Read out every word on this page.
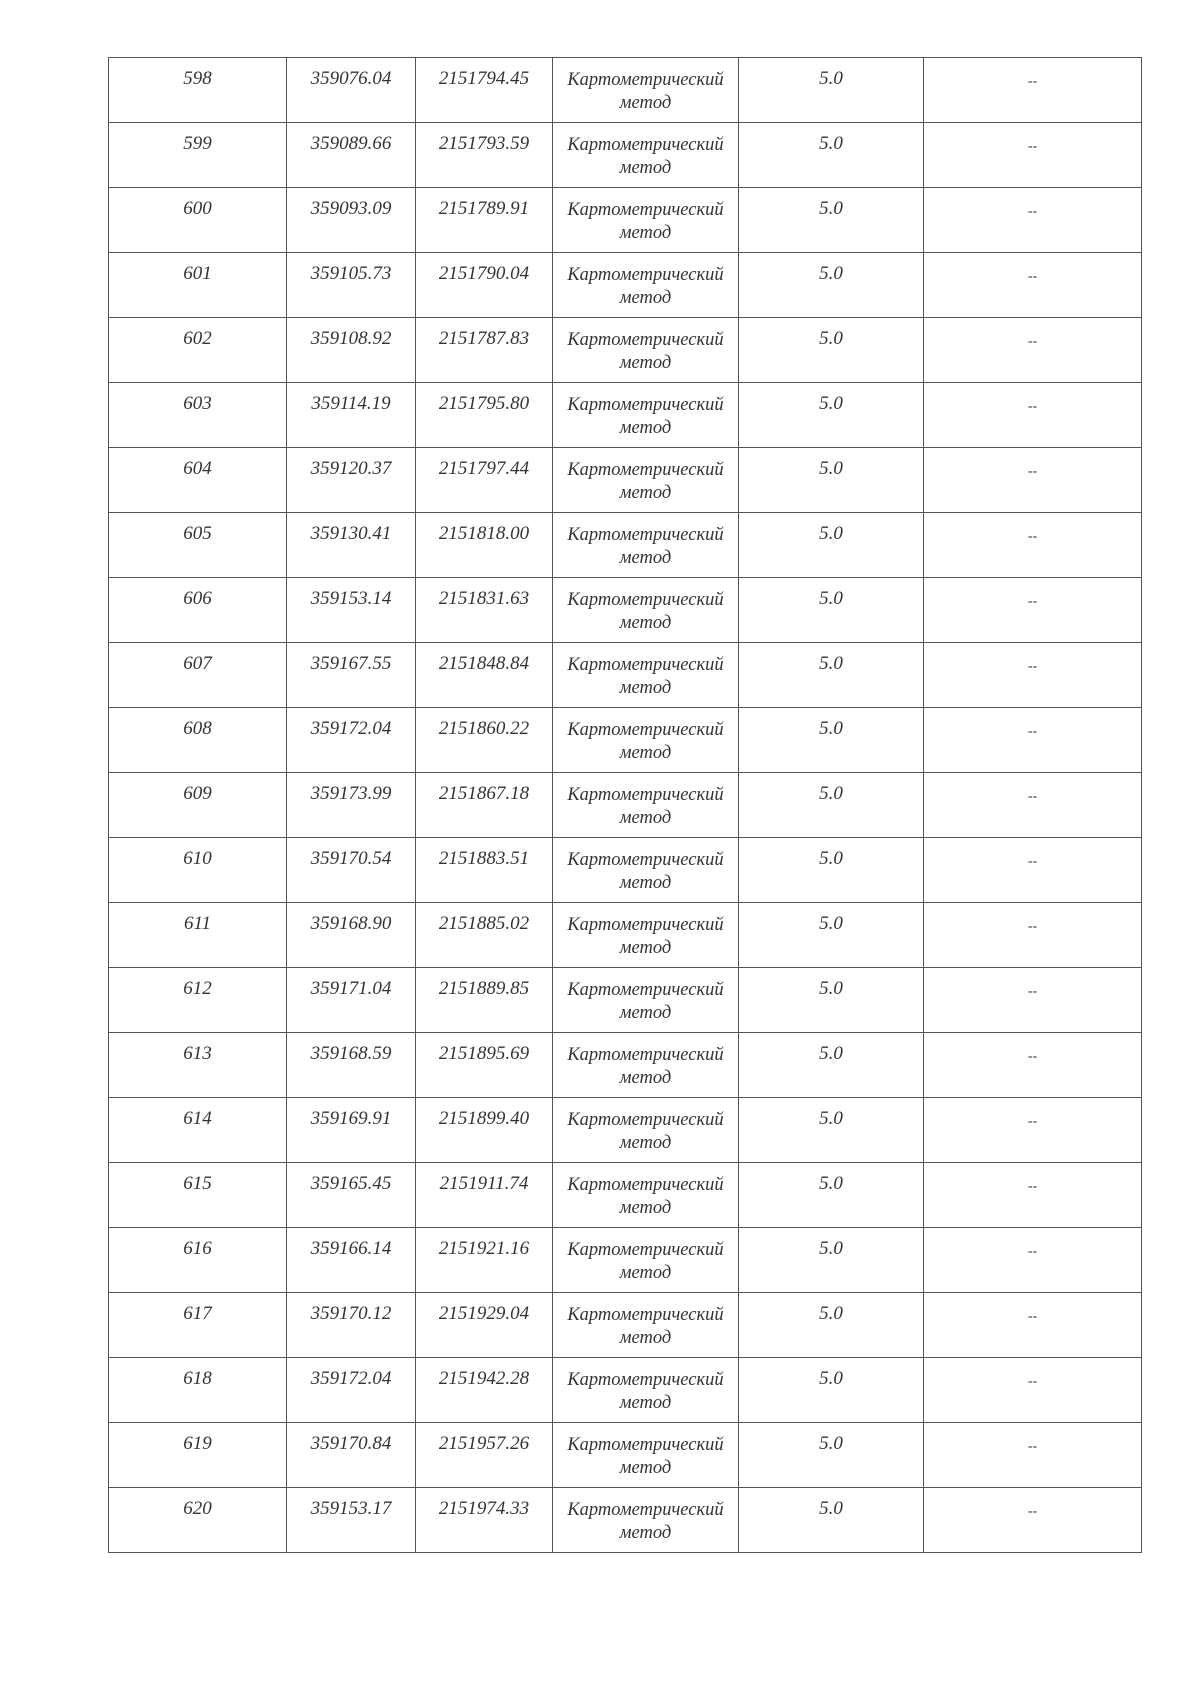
598	359076.04	2151794.45	Картометрический метод	5.0	--

599	359089.66	2151793.59	Картометрический метод	5.0	--

600	359093.09	2151789.91	Картометрический метод	5.0	--

601	359105.73	2151790.04	Картометрический метод	5.0	--

602	359108.92	2151787.83	Картометрический метод	5.0	--

603	359114.19	2151795.80	Картометрический метод	5.0	--

604	359120.37	2151797.44	Картометрический метод	5.0	--

605	359130.41	2151818.00	Картометрический метод	5.0	--

606	359153.14	2151831.63	Картометрический метод	5.0	--

607	359167.55	2151848.84	Картометрический метод	5.0	--

608	359172.04	2151860.22	Картометрический метод	5.0	--

609	359173.99	2151867.18	Картометрический метод	5.0	--

610	359170.54	2151883.51	Картометрический метод	5.0	--

611	359168.90	2151885.02	Картометрический метод	5.0	--

612	359171.04	2151889.85	Картометрический метод	5.0	--

613	359168.59	2151895.69	Картометрический метод	5.0	--

614	359169.91	2151899.40	Картометрический метод	5.0	--

615	359165.45	2151911.74	Картометрический метод	5.0	--

616	359166.14	2151921.16	Картометрический метод	5.0	--

617	359170.12	2151929.04	Картометрический метод	5.0	--

618	359172.04	2151942.28	Картометрический метод	5.0	--

619	359170.84	2151957.26	Картометрический метод	5.0	--

620	359153.17	2151974.33	Картометрический метод	5.0	--
